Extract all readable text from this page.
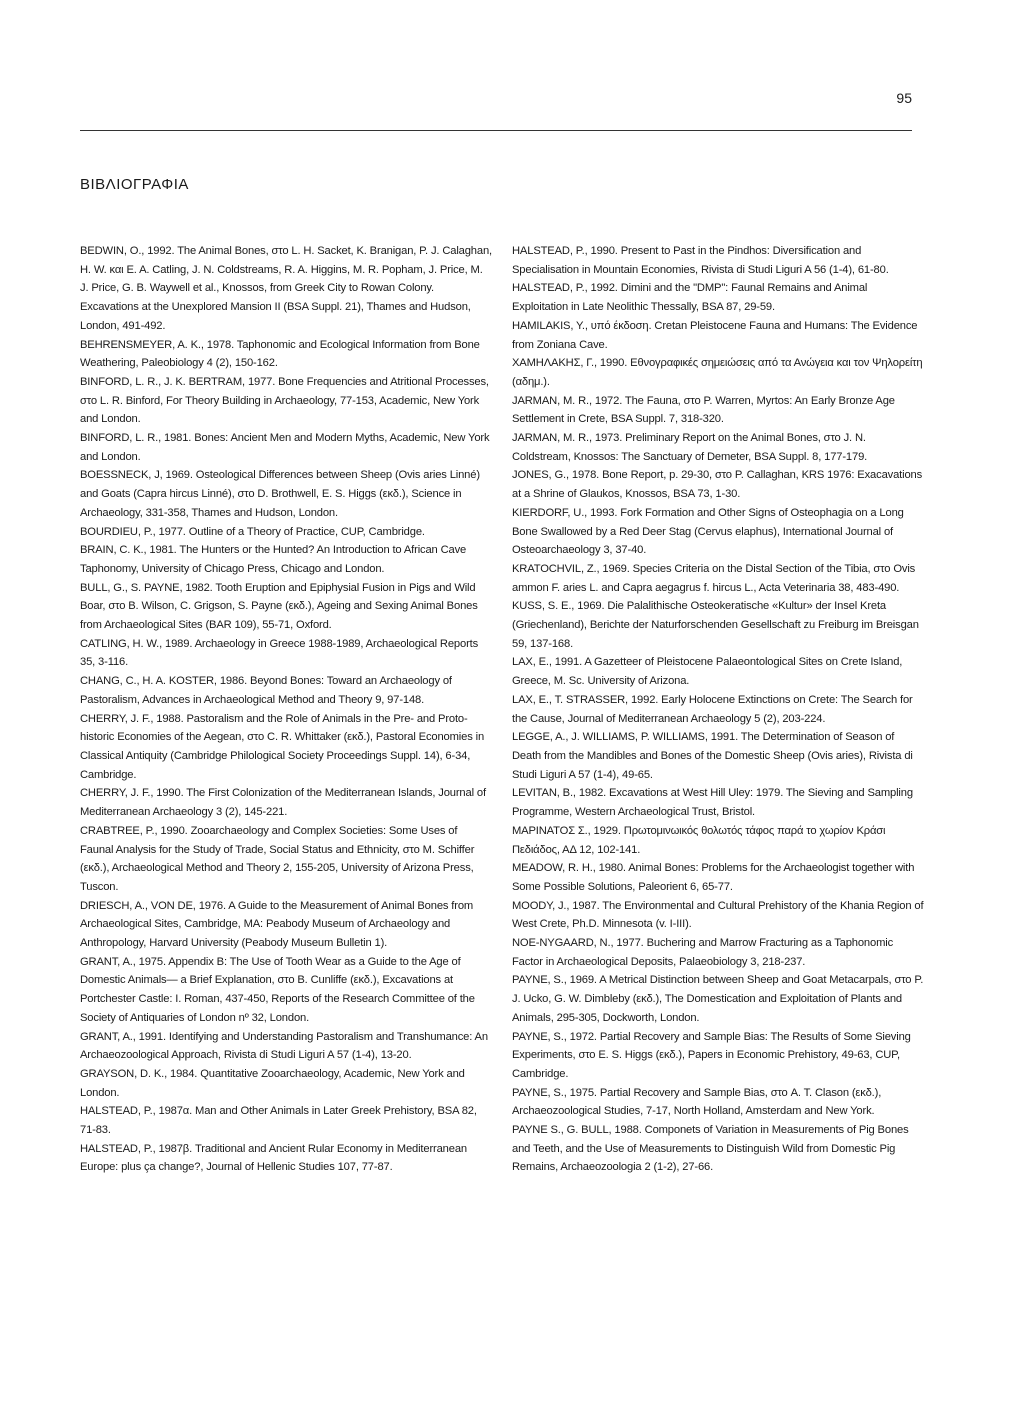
95
ΒΙΒΛΙΟΓΡΑΦΙΑ

BEDWIN, O., 1992. The Animal Bones, στο L. H. Sacket, K. Branigan, P. J. Calaghan, H. W. και E. A. Catling, J. N. Coldstreams, R. A. Higgins, M. R. Popham, J. Price, M. J. Price, G. B. Waywell et al., Knossos, from Greek City to Rowan Colony. Excavations at the Unexplored Mansion II (BSA Suppl. 21), Thames and Hudson, London, 491-492.

BEHRENSMEYER, A. K., 1978. Taphonomic and Ecological Information from Bone Weathering, Paleobiology 4 (2), 150-162.

BINFORD, L. R., J. K. BERTRAM, 1977. Bone Frequencies and Atritional Processes, στο L. R. Binford, For Theory Building in Archaeology, 77-153, Academic, New York and London.

BINFORD, L. R., 1981. Bones: Ancient Men and Modern Myths, Academic, New York and London.

BOESSNECK, J, 1969. Osteological Differences between Sheep (Ovis aries Linné) and Goats (Capra hircus Linné), στο D. Brothwell, E. S. Higgs (εκδ.), Science in Archaeology, 331-358, Thames and Hudson, London.

BOURDIEU, P., 1977. Outline of a Theory of Practice, CUP, Cambridge.

BRAIN, C. K., 1981. The Hunters or the Hunted? An Introduction to African Cave Taphonomy, University of Chicago Press, Chicago and London.

BULL, G., S. PAYNE, 1982. Tooth Eruption and Epiphysial Fusion in Pigs and Wild Boar, στο B. Wilson, C. Grigson, S. Payne (εκδ.), Ageing and Sexing Animal Bones from Archaeological Sites (BAR 109), 55-71, Oxford.

CATLING, H. W., 1989. Archaeology in Greece 1988-1989, Archaeological Reports 35, 3-116.

CHANG, C., H. A. KOSTER, 1986. Beyond Bones: Toward an Archaeology of Pastoralism, Advances in Archaeological Method and Theory 9, 97-148.

CHERRY, J. F., 1988. Pastoralism and the Role of Animals in the Pre- and Proto-historic Economies of the Aegean, στο C. R. Whittaker (εκδ.), Pastoral Economies in Classical Antiquity (Cambridge Philological Society Proceedings Suppl. 14), 6-34, Cambridge.

CHERRY, J. F., 1990. The First Colonization of the Mediterranean Islands, Journal of Mediterranean Archaeology 3 (2), 145-221.

CRABTREE, P., 1990. Zooarchaeology and Complex Societies: Some Uses of Faunal Analysis for the Study of Trade, Social Status and Ethnicity, στο M. Schiffer (εκδ.), Archaeological Method and Theory 2, 155-205, University of Arizona Press, Tuscon.

DRIESCH, A., VON DE, 1976. A Guide to the Measurement of Animal Bones from Archaeological Sites, Cambridge, MA: Peabody Museum of Archaeology and Anthropology, Harvard University (Peabody Museum Bulletin 1).

GRANT, A., 1975. Appendix B: The Use of Tooth Wear as a Guide to the Age of Domestic Animals— a Brief Explanation, στο B. Cunliffe (εκδ.), Excavations at Portchester Castle: I. Roman, 437-450, Reports of the Research Committee of the Society of Antiquaries of London nº 32, London.

GRANT, A., 1991. Identifying and Understanding Pastoralism and Transhumance: An Archaeozoological Approach, Rivista di Studi Liguri A 57 (1-4), 13-20.

GRAYSON, D. K., 1984. Quantitative Zooarchaeology, Academic, New York and London.

HALSTEAD, P., 1987α. Man and Other Animals in Later Greek Prehistory, BSA 82, 71-83.

HALSTEAD, P., 1987β. Traditional and Ancient Rular Economy in Mediterranean Europe: plus ça change?, Journal of Hellenic Studies 107, 77-87.

HALSTEAD, P., 1990. Present to Past in the Pindhos: Diversification and Specialisation in Mountain Economies, Rivista di Studi Liguri A 56 (1-4), 61-80.

HALSTEAD, P., 1992. Dimini and the "DMP": Faunal Remains and Animal Exploitation in Late Neolithic Thessally, BSA 87, 29-59.

HAMILAKIS, Y., υπό έκδοση. Cretan Pleistocene Fauna and Humans: The Evidence from Zoniana Cave.

ΧΑΜΗΛΑΚΗΣ, Γ., 1990. Εθνογραφικές σημειώσεις από τα Ανώγεια και τον Ψηλορείτη (αδημ.).

JARMAN, M. R., 1972. The Fauna, στο P. Warren, Myrtos: An Early Bronze Age Settlement in Crete, BSA Suppl. 7, 318-320.

JARMAN, M. R., 1973. Preliminary Report on the Animal Bones, στο J. N. Coldstream, Knossos: The Sanctuary of Demeter, BSA Suppl. 8, 177-179.

JONES, G., 1978. Bone Report, p. 29-30, στο P. Callaghan, KRS 1976: Exacavations at a Shrine of Glaukos, Knossos, BSA 73, 1-30.

KIERDORF, U., 1993. Fork Formation and Other Signs of Osteophagia on a Long Bone Swallowed by a Red Deer Stag (Cervus elaphus), International Journal of Osteoarchaeology 3, 37-40.

KRATOCHVIL, Z., 1969. Species Criteria on the Distal Section of the Tibia, στο Ovis ammon F. aries L. and Capra aegagrus f. hircus L., Acta Veterinaria 38, 483-490.

KUSS, S. E., 1969. Die Palalithische Osteokeratische «Kultur» der Insel Kreta (Griechenland), Berichte der Naturforschenden Gesellschaft zu Freiburg im Breisgan 59, 137-168.

LAX, E., 1991. A Gazetteer of Pleistocene Palaeontological Sites on Crete Island, Greece, M. Sc. University of Arizona.

LAX, E., T. STRASSER, 1992. Early Holocene Extinctions on Crete: The Search for the Cause, Journal of Mediterranean Archaeology 5 (2), 203-224.

LEGGE, A., J. WILLIAMS, P. WILLIAMS, 1991. The Determination of Season of Death from the Mandibles and Bones of the Domestic Sheep (Ovis aries), Rivista di Studi Liguri A 57 (1-4), 49-65.

LEVITAN, B., 1982. Excavations at West Hill Uley: 1979. The Sieving and Sampling Programme, Western Archaeological Trust, Bristol.

ΜΑΡΙΝΑΤΟΣ Σ., 1929. Πρωτομινωικός θολωτός τάφος παρά το χωρίον Κράσι Πεδιάδος, ΑΔ 12, 102-141.

MEADOW, R. H., 1980. Animal Bones: Problems for the Archaeologist together with Some Possible Solutions, Paleorient 6, 65-77.

MOODY, J., 1987. The Environmental and Cultural Prehistory of the Khania Region of West Crete, Ph.D. Minnesota (v. I-III).

NOE-NYGAARD, N., 1977. Buchering and Marrow Fracturing as a Taphonomic Factor in Archaeological Deposits, Palaeobiology 3, 218-237.

PAYNE, S., 1969. A Metrical Distinction between Sheep and Goat Metacarpals, στο P. J. Ucko, G. W. Dimbleby (εκδ.), The Domestication and Exploitation of Plants and Animals, 295-305, Dockworth, London.

PAYNE, S., 1972. Partial Recovery and Sample Bias: The Results of Some Sieving Experiments, στο E. S. Higgs (εκδ.), Papers in Economic Prehistory, 49-63, CUP, Cambridge.

PAYNE, S., 1975. Partial Recovery and Sample Bias, στο A. T. Clason (εκδ.), Archaeozoological Studies, 7-17, North Holland, Amsterdam and New York.

PAYNE S., G. BULL, 1988. Componets of Variation in Measurements of Pig Bones and Teeth, and the Use of Measurements to Distinguish Wild from Domestic Pig Remains, Archaeozoologia 2 (1-2), 27-66.
